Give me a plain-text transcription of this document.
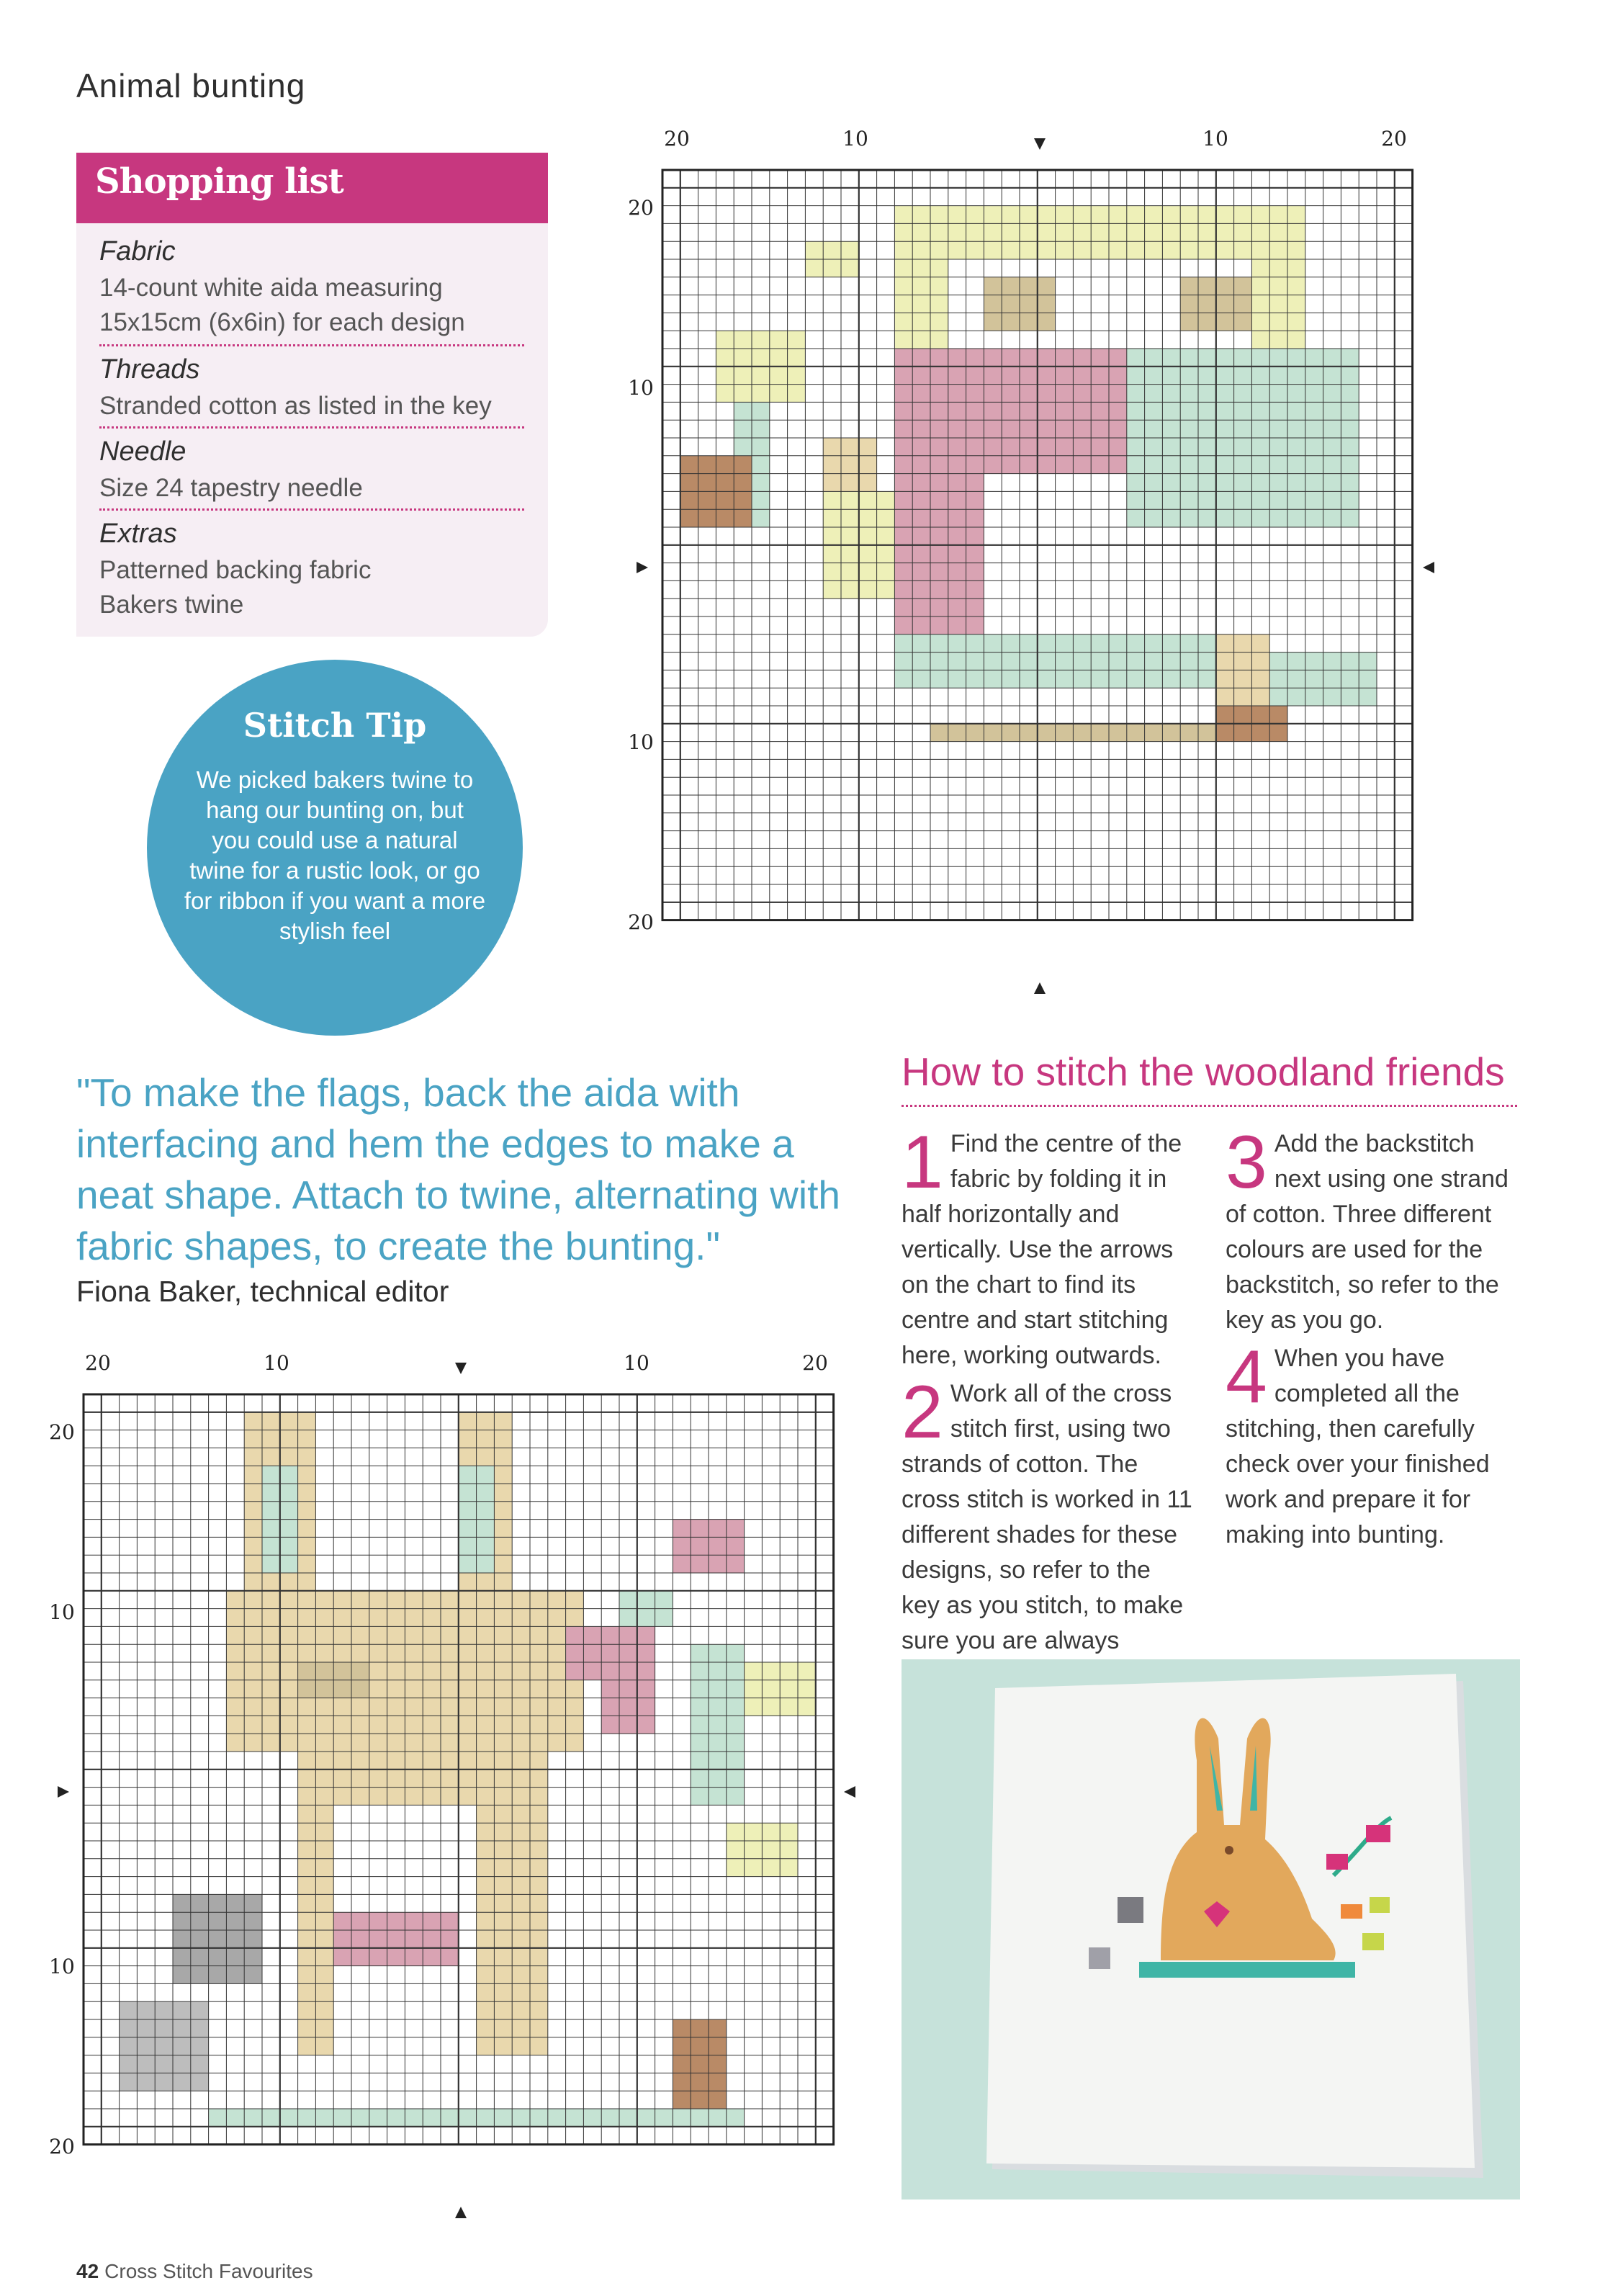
Animal bunting
Shopping list
Fabric
14-count white aida measuring
15x15cm (6x6in) for each design
Threads
Stranded cotton as listed in the key
Needle
Size 24 tapestry needle
Extras
Patterned backing fabric
Bakers twine
Stitch Tip
We picked bakers twine to hang our bunting on, but you could use a natural twine for a rustic look, or go for ribbon if you want a more stylish feel
20	10	10	20
20
10
10
20
"To make the flags, back the aida with interfacing and hem the edges to make a neat shape. Attach to twine, alternating with fabric shapes, to create the bunting."
Fiona Baker, technical editor
How to stitch the woodland friends
1 Find the centre of the fabric by folding it in half horizontally and vertically. Use the arrows on the chart to find its centre and start stitching here, working outwards.
2 Work all of the cross stitch first, using two strands of cotton. The cross stitch is worked in 11 different shades for these designs, so refer to the key as you stitch, to make sure you are always
20	10	10	20
20
10
10
20
3 Add the backstitch next using one strand of cotton. Three different colours are used for the backstitch, so refer to the key as you go.
4 When you have completed all the stitching, then carefully check over your finished work and prepare it for making into bunting.
42 Cross Stitch Favourites
